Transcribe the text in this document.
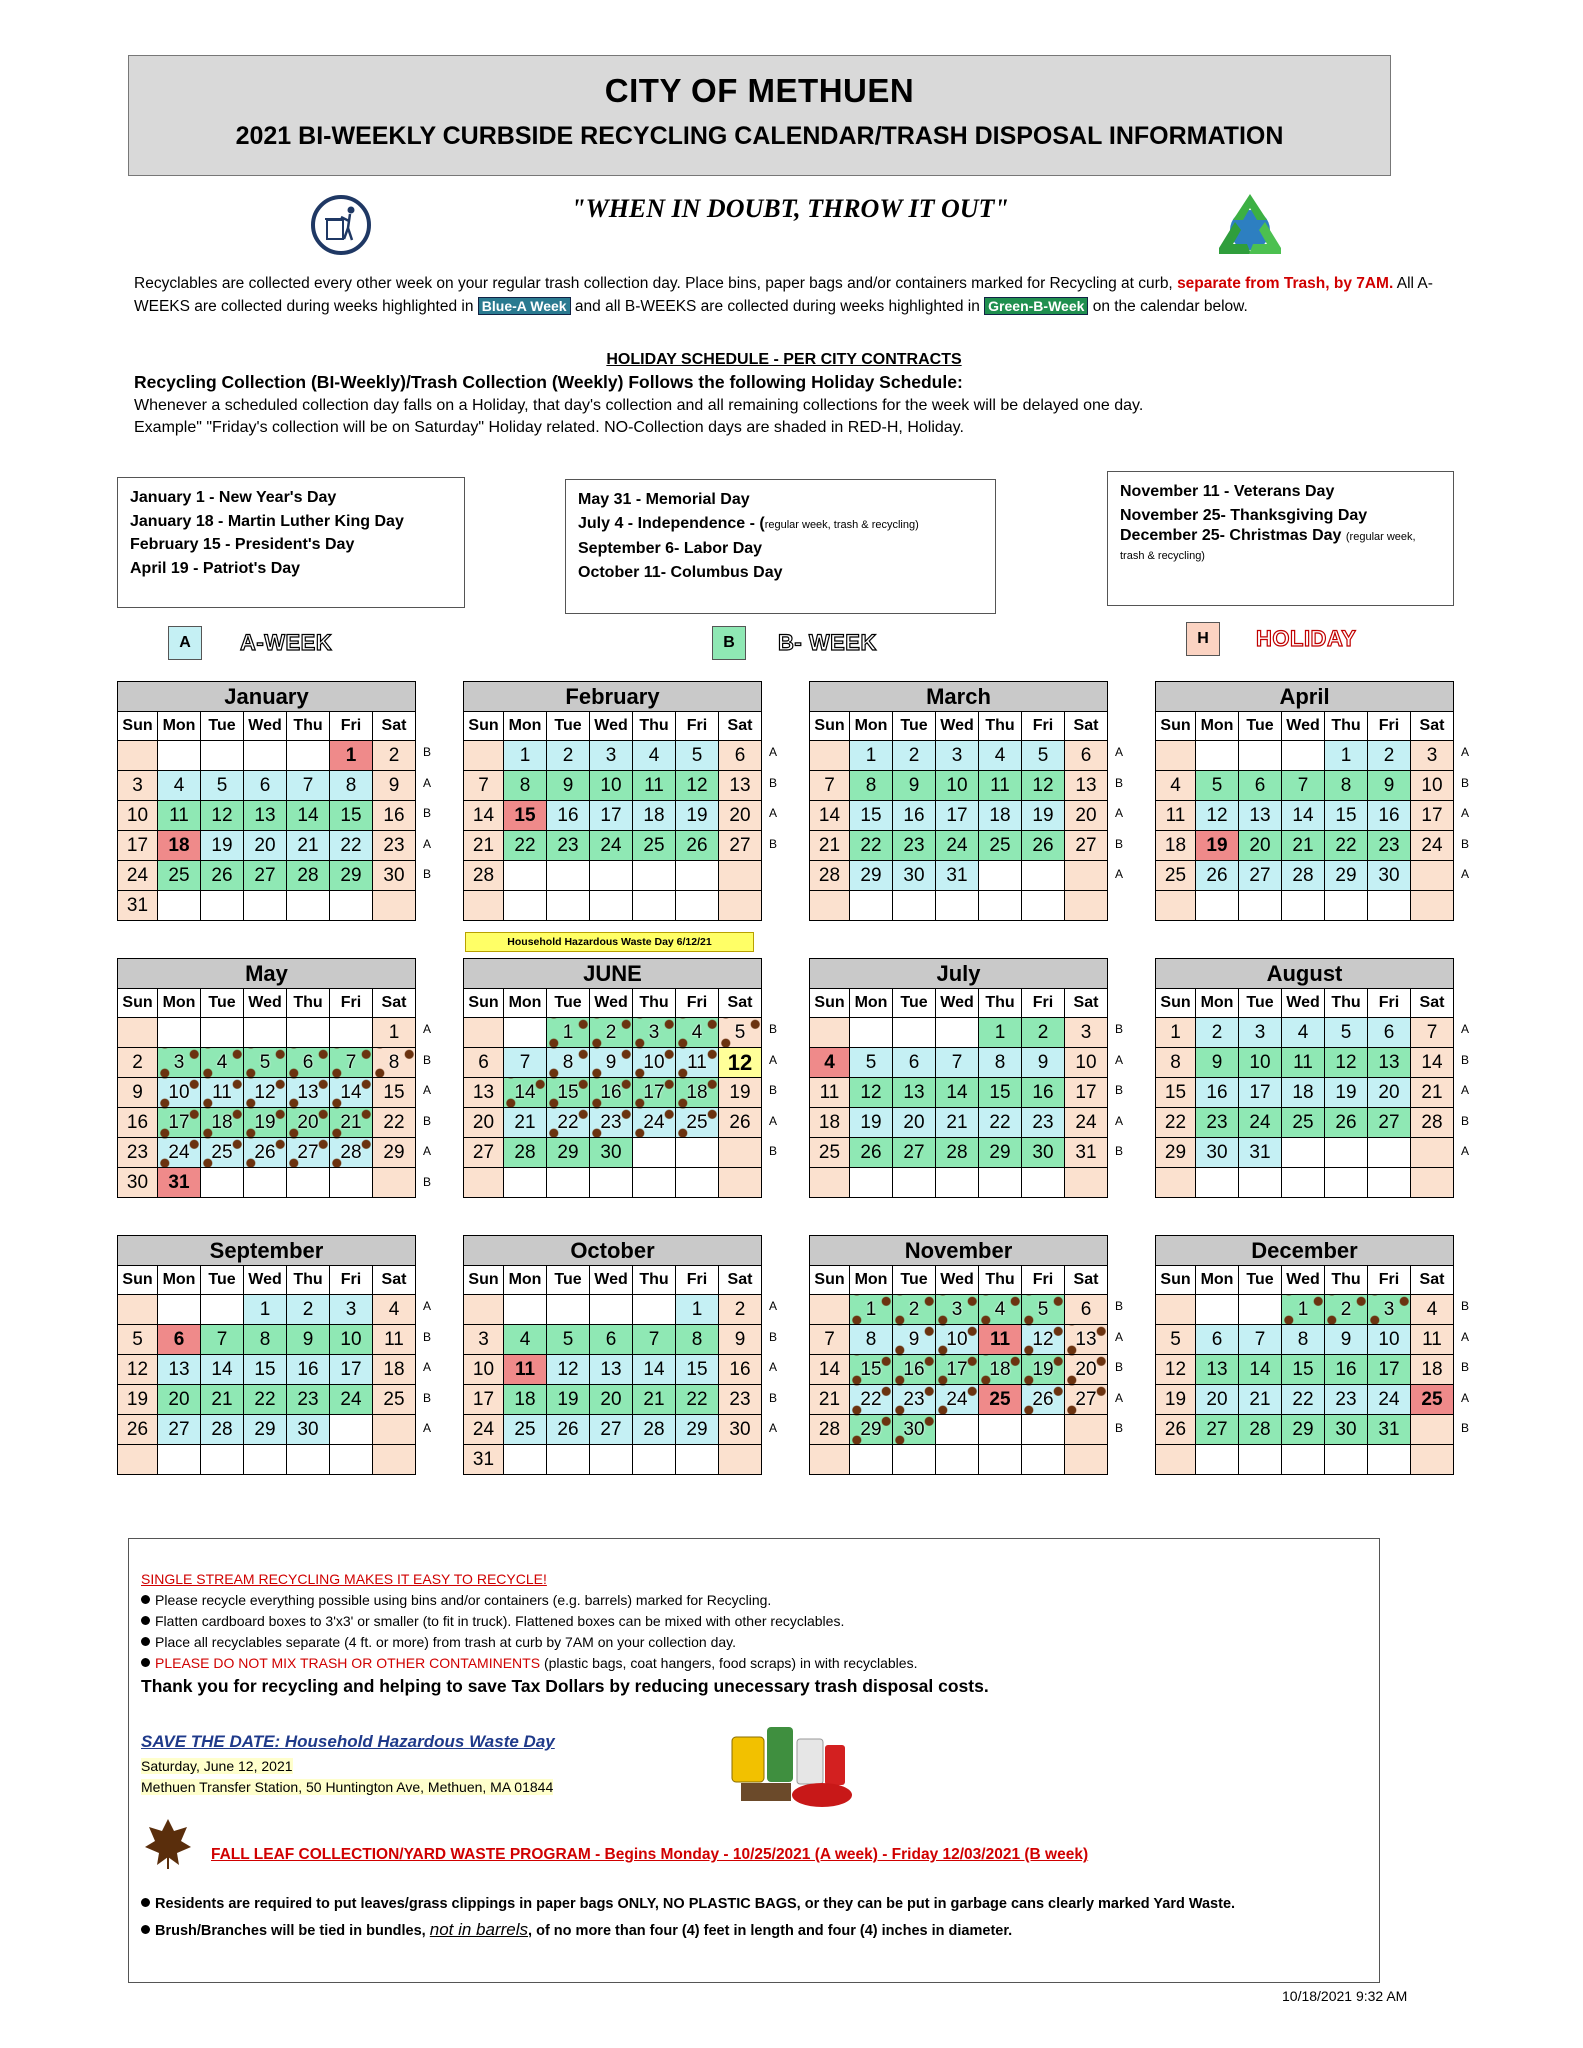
CITY OF METHUEN
2021 BI-WEEKLY CURBSIDE RECYCLING CALENDAR/TRASH DISPOSAL INFORMATION
"WHEN IN DOUBT, THROW IT OUT"
Recyclables are collected every other week on your regular trash collection day. Place bins, paper bags and/or containers marked for Recycling at curb, separate from Trash, by 7AM. All A-WEEKS are collected during weeks highlighted in Blue-A Week and all B-WEEKS are collected during weeks highlighted in Green-B-Week on the calendar below.
HOLIDAY SCHEDULE - PER CITY CONTRACTS
Recycling Collection (BI-Weekly)/Trash Collection (Weekly) Follows the following Holiday Schedule:
Whenever a scheduled collection day falls on a Holiday, that day's collection and all remaining collections for the week will be delayed one day.
Example" "Friday's collection will be on Saturday" Holiday related. NO-Collection days are shaded in RED-H, Holiday.
January 1 - New Year's Day
January 18 - Martin Luther King Day
February 15 - President's Day
April 19 - Patriot's Day
May 31 - Memorial Day
July 4 - Independence - (regular week, trash & recycling)
September 6- Labor Day
October 11- Columbus Day
November 11 - Veterans Day
November 25- Thanksgiving Day
December 25- Christmas Day (regular week, trash & recycling)
A	A-WEEK	B	B- WEEK	H	HOLIDAY
Household Hazardous Waste Day 6/12/21
January						
Sun	Mon	Tue	Wed	Thu	Fri	Sat
					1	2
3	4	5	6	7	8	9
10	11	12	13	14	15	16
17	18	19	20	21	22	23
24	25	26	27	28	29	30
31						
B
A
B
A
B
February						
Sun	Mon	Tue	Wed	Thu	Fri	Sat
	1	2	3	4	5	6
7	8	9	10	11	12	13
14	15	16	17	18	19	20
21	22	23	24	25	26	27
28						

A
B
A
B
March						
Sun	Mon	Tue	Wed	Thu	Fri	Sat
	1	2	3	4	5	6
7	8	9	10	11	12	13
14	15	16	17	18	19	20
21	22	23	24	25	26	27
28	29	30	31			

A
B
A
B
A
April						
Sun	Mon	Tue	Wed	Thu	Fri	Sat
				1	2	3
4	5	6	7	8	9	10
11	12	13	14	15	16	17
18	19	20	21	22	23	24
25	26	27	28	29	30	

A
B
A
B
A
May						
Sun	Mon	Tue	Wed	Thu	Fri	Sat
						1
2	3	4	5	6	7	8
9	10	11	12	13	14	15
16	17	18	19	20	21	22
23	24	25	26	27	28	29
30	31					
A
B
A
B
A
B
JUNE						
Sun	Mon	Tue	Wed	Thu	Fri	Sat
		1	2	3	4	5
6	7	8	9	10	11	12
13	14	15	16	17	18	19
20	21	22	23	24	25	26
27	28	29	30			

B
A
B
A
B
July						
Sun	Mon	Tue	Wed	Thu	Fri	Sat
				1	2	3
4	5	6	7	8	9	10
11	12	13	14	15	16	17
18	19	20	21	22	23	24
25	26	27	28	29	30	31

B
A
B
A
B
August						
Sun	Mon	Tue	Wed	Thu	Fri	Sat
1	2	3	4	5	6	7
8	9	10	11	12	13	14
15	16	17	18	19	20	21
22	23	24	25	26	27	28
29	30	31				

A
B
A
B
A
September						
Sun	Mon	Tue	Wed	Thu	Fri	Sat
			1	2	3	4
5	6	7	8	9	10	11
12	13	14	15	16	17	18
19	20	21	22	23	24	25
26	27	28	29	30		

A
B
A
B
A
October						
Sun	Mon	Tue	Wed	Thu	Fri	Sat
					1	2
3	4	5	6	7	8	9
10	11	12	13	14	15	16
17	18	19	20	21	22	23
24	25	26	27	28	29	30
31						
A
B
A
B
A
November						
Sun	Mon	Tue	Wed	Thu	Fri	Sat
	1	2	3	4	5	6
7	8	9	10	11	12	13
14	15	16	17	18	19	20
21	22	23	24	25	26	27
28	29	30				

B
A
B
A
B
December						
Sun	Mon	Tue	Wed	Thu	Fri	Sat
			1	2	3	4
5	6	7	8	9	10	11
12	13	14	15	16	17	18
19	20	21	22	23	24	25
26	27	28	29	30	31	

B
A
B
A
B
SINGLE STREAM RECYCLING MAKES IT EASY TO RECYCLE!
Please recycle everything possible using bins and/or containers (e.g. barrels) marked for Recycling.
Flatten cardboard boxes to 3'x3' or smaller (to fit in truck). Flattened boxes can be mixed with other recyclables.
Place all recyclables separate (4 ft. or more) from trash at curb by 7AM on your collection day.
PLEASE DO NOT MIX TRASH OR OTHER CONTAMINENTS (plastic bags, coat hangers, food scraps) in with recyclables.
Thank you for recycling and helping to save Tax Dollars by reducing unecessary trash disposal costs.
SAVE THE DATE: Household Hazardous Waste Day
Saturday, June 12, 2021
Methuen Transfer Station, 50 Huntington Ave, Methuen, MA 01844
FALL LEAF COLLECTION/YARD WASTE PROGRAM - Begins Monday - 10/25/2021 (A week) - Friday 12/03/2021 (B week)
Residents are required to put leaves/grass clippings in paper bags ONLY, NO PLASTIC BAGS, or they can be put in garbage cans clearly marked Yard Waste.
Brush/Branches will be tied in bundles, not in barrels, of no more than four (4) feet in length and four (4) inches in diameter.
10/18/2021 9:32 AM
